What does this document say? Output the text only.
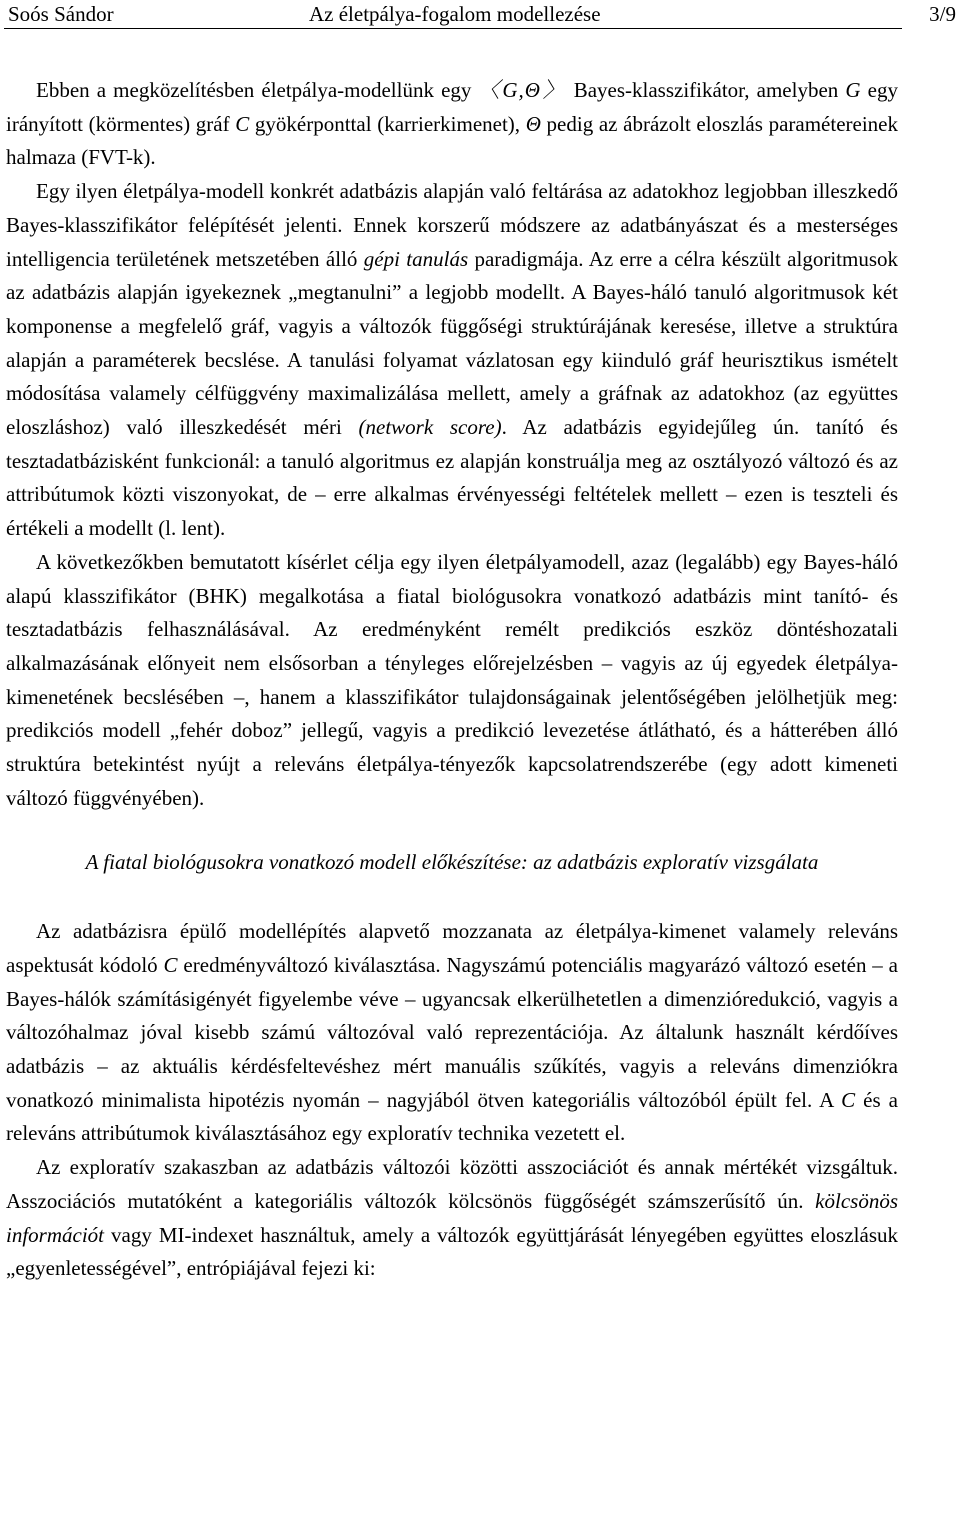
Soós Sándor	Az életpálya-fogalom modellezése	3/9

Ebben a megközelítésben életpálya-modellünk egy 〈G,Θ〉 Bayes-klasszifikátor, amelyben G egy irányított (körmentes) gráf C gyökérponttal (karrierkimenet), Θ pedig az ábrázolt eloszlás paramétereinek halmaza (FVT-k).

Egy ilyen életpálya-modell konkrét adatbázis alapján való feltárása az adatokhoz legjobban illeszkedő Bayes-klasszifikátor felépítését jelenti. Ennek korszerű módszere az adatbányászat és a mesterséges intelligencia területének metszetében álló gépi tanulás paradigmája. Az erre a célra készült algoritmusok az adatbázis alapján igyekeznek „megtanulni” a legjobb modellt. A Bayes-háló tanuló algoritmusok két komponense a megfelelő gráf, vagyis a változók függőségi struktúrájának keresése, illetve a struktúra alapján a paraméterek becslése. A tanulási folyamat vázlatosan egy kiinduló gráf heurisztikus ismételt módosítása valamely célfüggvény maximalizálása mellett, amely a gráfnak az adatokhoz (az együttes eloszláshoz) való illeszkedését méri (network score). Az adatbázis egyidejűleg ún. tanító és tesztadatbázisként funkcionál: a tanuló algoritmus ez alapján konstruálja meg az osztályozó változó és az attribútumok közti viszonyokat, de – erre alkalmas érvényességi feltételek mellett – ezen is teszteli és értékeli a modellt (l. lent).

A következőkben bemutatott kísérlet célja egy ilyen életpályamodell, azaz (legalább) egy Bayes-háló alapú klasszifikátor (BHK) megalkotása a fiatal biológusokra vonatkozó adatbázis mint tanító- és tesztadatbázis felhasználásával. Az eredményként remélt predikciós eszköz döntéshozatali alkalmazásának előnyeit nem elsősorban a tényleges előrejelzésben – vagyis az új egyedek életpálya-kimenetének becslésében –, hanem a klasszifikátor tulajdonságainak jelentőségében jelölhetjük meg: predikciós modell „fehér doboz” jellegű, vagyis a predikció levezetése átlátható, és a hátterében álló struktúra betekintést nyújt a releváns életpálya-tényezők kapcsolatrendszerébe (egy adott kimeneti változó függvényében).

A fiatal biológusokra vonatkozó modell előkészítése: az adatbázis exploratív vizsgálata

Az adatbázisra épülő modellépítés alapvető mozzanata az életpálya-kimenet valamely releváns aspektusát kódoló C eredményváltozó kiválasztása. Nagyszámú potenciális magyarázó változó esetén – a Bayes-hálók számításigényét figyelembe véve – ugyancsak elkerülhetetlen a dimenzióredukció, vagyis a változóhalmaz jóval kisebb számú változóval való reprezentációja. Az általunk használt kérdőíves adatbázis – az aktuális kérdésfeltevéshez mért manuális szűkítés, vagyis a releváns dimenziókra vonatkozó minimalista hipotézis nyomán – nagyjából ötven kategoriális változóból épült fel. A C és a releváns attribútumok kiválasztásához egy exploratív technika vezetett el.

Az exploratív szakaszban az adatbázis változói közötti asszociációt és annak mértékét vizsgáltuk. Asszociációs mutatóként a kategoriális változók kölcsönös függőségét számszerűsítő ún. kölcsönös információt vagy MI-indexet használtuk, amely a változók együttjárását lényegében együttes eloszlásuk „egyenletességével”, entrópiájával fejezi ki:
